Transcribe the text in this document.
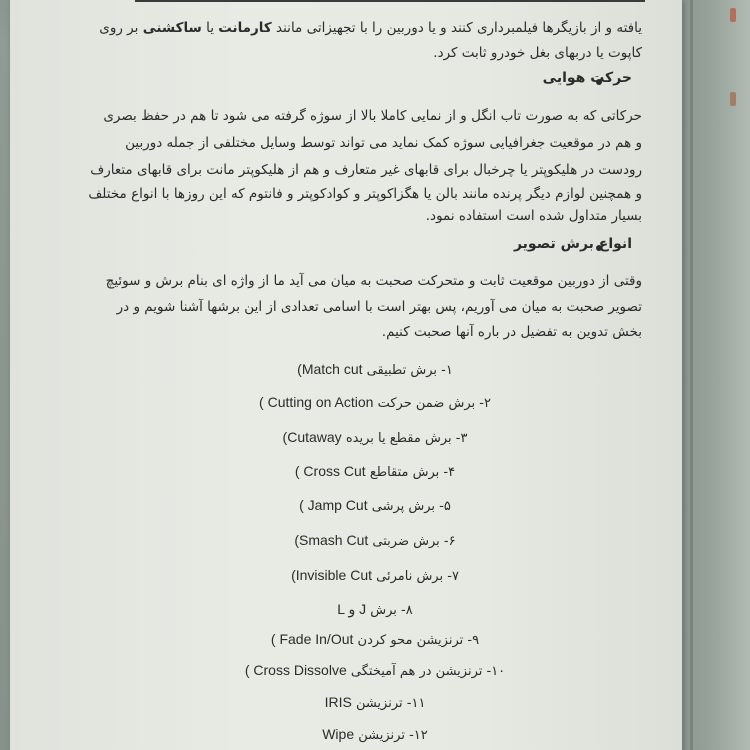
یافته و از بازیگرها فیلمبرداری کنند و یا دوربین را با تجهیزاتی مانند کارمانت یا ساکشنی بر روی
کاپوت یا دربهای بغل خودرو ثابت کرد.
حرکت هوایی
حرکاتی که به صورت تاب انگل و از نمایی کاملا بالا از سوژه گرفته می شود تا هم در حفظ بصری
و هم در موقعیت جغرافیایی سوژه کمک نماید می تواند توسط وسایل مختلفی از جمله دوربین
رودست در هلیکوپتر یا چرخبال برای قابهای غیر متعارف و هم از هلیکوپتر مانت برای قابهای متعارف
و همچنین لوازم دیگر پرنده مانند بالن یا هگزاکوپتر و کوادکوپتر و فانتوم که این روزها با انواع مختلف
بسیار متداول شده است استفاده نمود.
انواع برش تصویر
وقتی از دوربین موقعیت ثابت و متحرکت صحبت به میان می آید ما از واژه ای بنام برش و سوئیچ
تصویر صحبت به میان می آوریم، پس بهتر است با اسامی تعدادی از این برشها آشنا شویم و در
بخش تدوین به تفضیل در باره آنها صحبت کنیم.
۱- برش تطبیقی (Match cut
۲- برش ضمن حرکت ( Cutting on Action
۳- برش مقطع یا بریده (Cutaway
۴- برش متقاطع ( Cross Cut
۵- برش پرشی ( Jamp Cut
۶- برش ضربتی (Smash Cut
۷- برش نامرئی (Invisible Cut
۸- برش L و J
۹- ترنزیشن محو کردن ( Fade In/Out
۱۰- ترنزیشن در هم آمیختگی ( Cross Dissolve
۱۱- ترنزیشن IRIS
۱۲- ترنزیشن Wipe
